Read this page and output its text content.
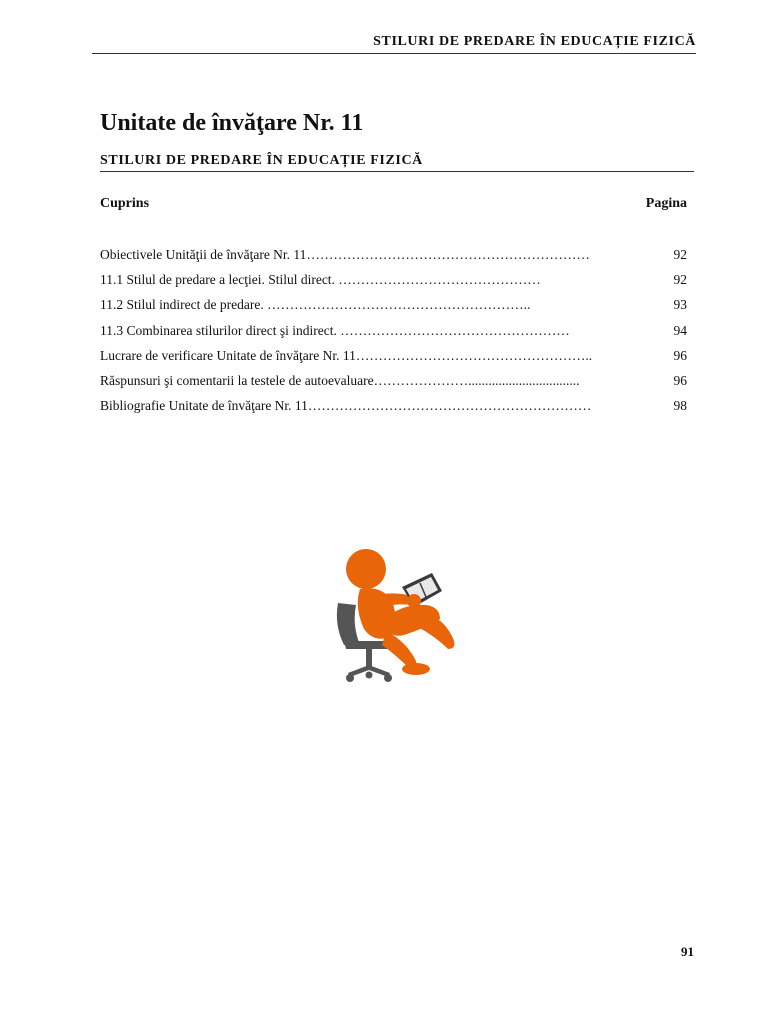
STILURI DE PREDARE ÎN EDUCAȚIE FIZICĂ
Unitate de învăţare Nr. 11
STILURI DE PREDARE ÎN EDUCAȚIE FIZICĂ
Cuprins	Pagina
Obiectivele Unităţii de învăţare Nr. 11………………………………………………………	92
11.1 Stilul de predare a lecţiei. Stilul direct. ………………………………………	92
11.2 Stilul indirect de predare. …………………………………………………..	93
11.3 Combinarea stilurilor direct şi indirect. ……………………………………………	94
Lucrare de verificare Unitate de învăţare Nr. 11……………………………………………..	96
Răspunsuri şi comentarii la testele de autoevaluare………………….................................	96
Bibliografie Unitate de învăţare Nr. 11………………………………………………………	98
91
